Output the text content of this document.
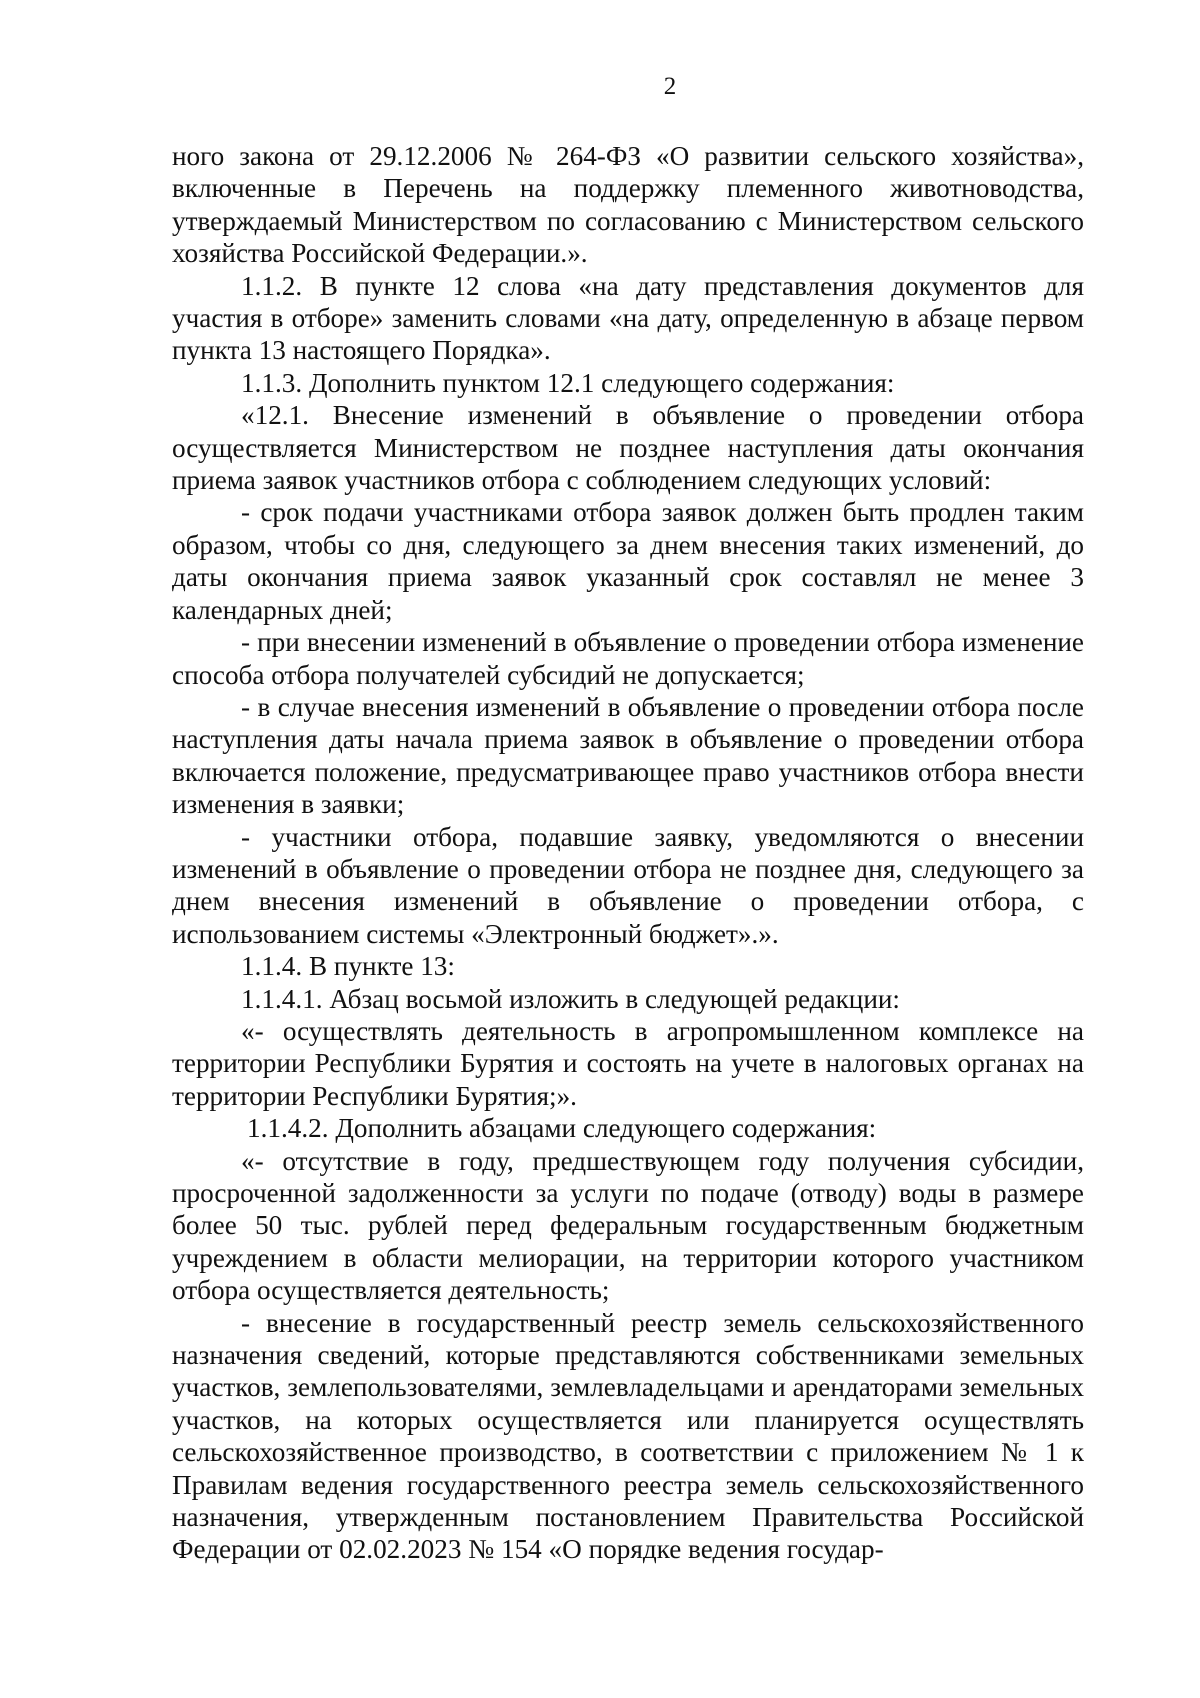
2

ного закона от 29.12.2006 № 264-ФЗ «О развитии сельского хозяйства», включенные в Перечень на поддержку племенного животноводства, утверждаемый Министерством по согласованию с Министерством сельского хозяйства Российской Федерации.».

1.1.2. В пункте 12 слова «на дату представления документов для участия в отборе» заменить словами «на дату, определенную в абзаце первом пункта 13 настоящего Порядка».

1.1.3. Дополнить пунктом 12.1 следующего содержания:

«12.1. Внесение изменений в объявление о проведении отбора осуществляется Министерством не позднее наступления даты окончания приема заявок участников отбора с соблюдением следующих условий:

- срок подачи участниками отбора заявок должен быть продлен таким образом, чтобы со дня, следующего за днем внесения таких изменений, до даты окончания приема заявок указанный срок составлял не менее 3 календарных дней;

- при внесении изменений в объявление о проведении отбора изменение способа отбора получателей субсидий не допускается;

- в случае внесения изменений в объявление о проведении отбора после наступления даты начала приема заявок в объявление о проведении отбора включается положение, предусматривающее право участников отбора внести изменения в заявки;

- участники отбора, подавшие заявку, уведомляются о внесении изменений в объявление о проведении отбора не позднее дня, следующего за днем внесения изменений в объявление о проведении отбора, с использованием системы «Электронный бюджет».».

1.1.4. В пункте 13:

1.1.4.1. Абзац восьмой изложить в следующей редакции:

«- осуществлять деятельность в агропромышленном комплексе на территории Республики Бурятия и состоять на учете в налоговых органах на территории Республики Бурятия;».

1.1.4.2. Дополнить абзацами следующего содержания:

«- отсутствие в году, предшествующем году получения субсидии, просроченной задолженности за услуги по подаче (отводу) воды в размере более 50 тыс. рублей перед федеральным государственным бюджетным учреждением в области мелиорации, на территории которого участником отбора осуществляется деятельность;

- внесение в государственный реестр земель сельскохозяйственного назначения сведений, которые представляются собственниками земельных участков, землепользователями, землевладельцами и арендаторами земельных участков, на которых осуществляется или планируется осуществлять сельскохозяйственное производство, в соответствии с приложением № 1 к Правилам ведения государственного реестра земель сельскохозяйственного назначения, утвержденным постановлением Правительства Российской Федерации от 02.02.2023 № 154 «О порядке ведения государ-
